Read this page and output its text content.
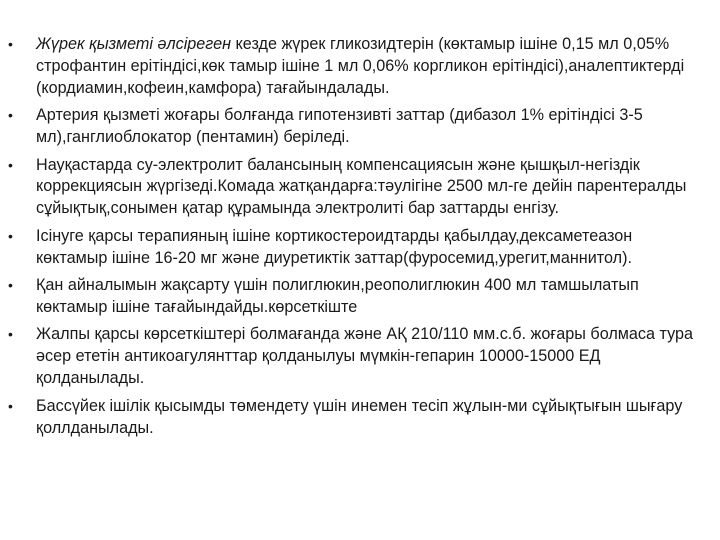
•	Жүрек қызметі әлсіреген кезде жүрек гликозидтерін (көктамыр ішіне 0,15 мл 0,05% строфантин ерітіндісі,көк тамыр ішіне 1 мл 0,06% коргликон ерітіндісі),аналептиктерді (кордиамин,кофеин,камфора) тағайындалады.
•	Артерия қызметі жоғары болғанда гипотензивті заттар (дибазол 1% ерітіндісі 3-5 мл),ганглиоблокатор (пентамин) беріледі.
•	Науқастарда су-электролит балансының компенсациясын және қышқыл-негіздік коррекциясын жүргізеді.Комада жатқандарға:тәулігіне 2500 мл-ге дейін парентералды сұйықтық,сонымен қатар құрамында электролиті бар заттарды енгізу.
•	Ісінуге қарсы терапияның ішіне кортикостероидтарды қабылдау,дексаметеазон көктамыр ішіне 16-20 мг және диуретиктік заттар(фуросемид,урегит,маннитол).
•	Қан айналымын жақсарту үшін полиглюкин,реополиглюкин 400 мл тамшылатып көктамыр ішіне тағайындайды.көрсеткіште
•	Жалпы қарсы көрсеткіштері болмағанда және АҚ 210/110 мм.с.б. жоғары болмаса тура әсер ететін антикоагулянттар қолданылуы мүмкін-гепарин 10000-15000 ЕД қолданылады.
•	Бассүйек ішілік қысымды төмендету үшін инемен тесіп жұлын-ми сұйықтығын шығару қоллданылады.
